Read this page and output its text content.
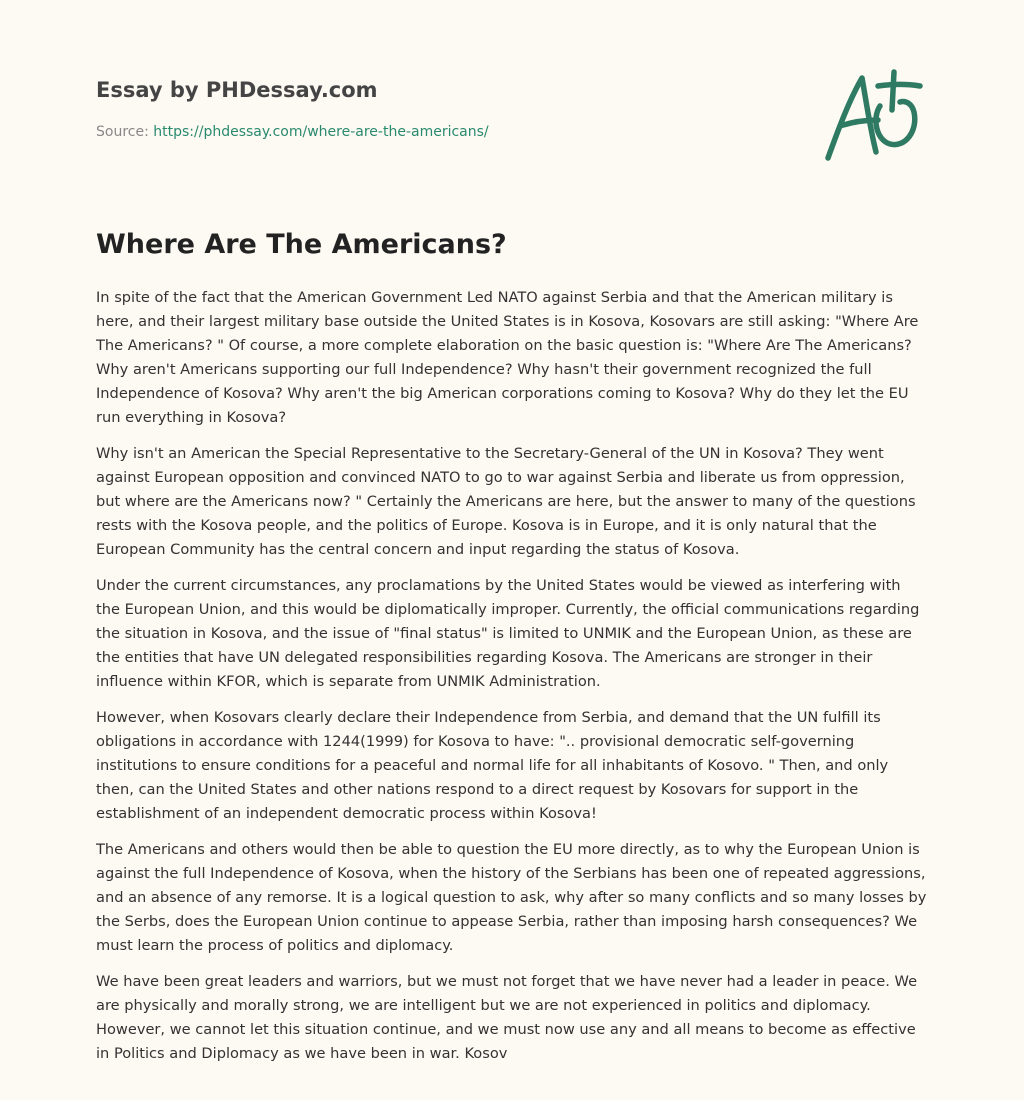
Essay by PHDessay.com
Source: https://phdessay.com/where-are-the-americans/
Where Are The Americans?

In spite of the fact that the American Government Led NATO against Serbia and that the American military is here, and their largest military base outside the United States is in Kosova, Kosovars are still asking: "Where Are The Americans? " Of course, a more complete elaboration on the basic question is: "Where Are The Americans? Why aren't Americans supporting our full Independence? Why hasn't their government recognized the full Independence of Kosova? Why aren't the big American corporations coming to Kosova? Why do they let the EU run everything in Kosova?

Why isn't an American the Special Representative to the Secretary-General of the UN in Kosova? They went against European opposition and convinced NATO to go to war against Serbia and liberate us from oppression, but where are the Americans now? " Certainly the Americans are here, but the answer to many of the questions rests with the Kosova people, and the politics of Europe. Kosova is in Europe, and it is only natural that the European Community has the central concern and input regarding the status of Kosova.

Under the current circumstances, any proclamations by the United States would be viewed as interfering with the European Union, and this would be diplomatically improper. Currently, the official communications regarding the situation in Kosova, and the issue of "final status" is limited to UNMIK and the European Union, as these are the entities that have UN delegated responsibilities regarding Kosova. The Americans are stronger in their influence within KFOR, which is separate from UNMIK Administration.

However, when Kosovars clearly declare their Independence from Serbia, and demand that the UN fulfill its obligations in accordance with 1244(1999) for Kosova to have: ".. provisional democratic self-governing institutions to ensure conditions for a peaceful and normal life for all inhabitants of Kosovo. " Then, and only then, can the United States and other nations respond to a direct request by Kosovars for support in the establishment of an independent democratic process within Kosova!

The Americans and others would then be able to question the EU more directly, as to why the European Union is against the full Independence of Kosova, when the history of the Serbians has been one of repeated aggressions, and an absence of any remorse. It is a logical question to ask, why after so many conflicts and so many losses by the Serbs, does the European Union continue to appease Serbia, rather than imposing harsh consequences? We must learn the process of politics and diplomacy.

We have been great leaders and warriors, but we must not forget that we have never had a leader in peace. We are physically and morally strong, we are intelligent but we are not experienced in politics and diplomacy. However, we cannot let this situation continue, and we must now use any and all means to become as effective in Politics and Diplomacy as we have been in war. Kosov
